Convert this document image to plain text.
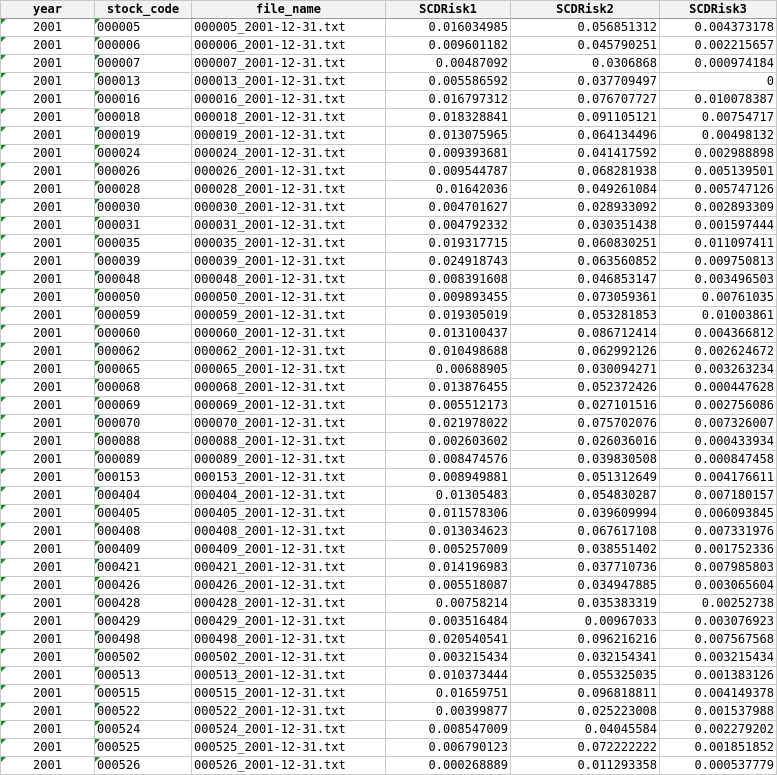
year	stock_code	file_name	SCDRisk1	SCDRisk2	SCDRisk3
2001	000005	000005_2001-12-31.txt	0.016034985	0.056851312	0.004373178
2001	000006	000006_2001-12-31.txt	0.009601182	0.045790251	0.002215657
2001	000007	000007_2001-12-31.txt	0.00487092	0.0306868	0.000974184
2001	000013	000013_2001-12-31.txt	0.005586592	0.037709497	0
2001	000016	000016_2001-12-31.txt	0.016797312	0.076707727	0.010078387
2001	000018	000018_2001-12-31.txt	0.018328841	0.091105121	0.00754717
2001	000019	000019_2001-12-31.txt	0.013075965	0.064134496	0.00498132
2001	000024	000024_2001-12-31.txt	0.009393681	0.041417592	0.002988898
2001	000026	000026_2001-12-31.txt	0.009544787	0.068281938	0.005139501
2001	000028	000028_2001-12-31.txt	0.01642036	0.049261084	0.005747126
2001	000030	000030_2001-12-31.txt	0.004701627	0.028933092	0.002893309
2001	000031	000031_2001-12-31.txt	0.004792332	0.030351438	0.001597444
2001	000035	000035_2001-12-31.txt	0.019317715	0.060830251	0.011097411
2001	000039	000039_2001-12-31.txt	0.024918743	0.063560852	0.009750813
2001	000048	000048_2001-12-31.txt	0.008391608	0.046853147	0.003496503
2001	000050	000050_2001-12-31.txt	0.009893455	0.073059361	0.00761035
2001	000059	000059_2001-12-31.txt	0.019305019	0.053281853	0.01003861
2001	000060	000060_2001-12-31.txt	0.013100437	0.086712414	0.004366812
2001	000062	000062_2001-12-31.txt	0.010498688	0.062992126	0.002624672
2001	000065	000065_2001-12-31.txt	0.00688905	0.030094271	0.003263234
2001	000068	000068_2001-12-31.txt	0.013876455	0.052372426	0.000447628
2001	000069	000069_2001-12-31.txt	0.005512173	0.027101516	0.002756086
2001	000070	000070_2001-12-31.txt	0.021978022	0.075702076	0.007326007
2001	000088	000088_2001-12-31.txt	0.002603602	0.026036016	0.000433934
2001	000089	000089_2001-12-31.txt	0.008474576	0.039830508	0.000847458
2001	000153	000153_2001-12-31.txt	0.008949881	0.051312649	0.004176611
2001	000404	000404_2001-12-31.txt	0.01305483	0.054830287	0.007180157
2001	000405	000405_2001-12-31.txt	0.011578306	0.039609994	0.006093845
2001	000408	000408_2001-12-31.txt	0.013034623	0.067617108	0.007331976
2001	000409	000409_2001-12-31.txt	0.005257009	0.038551402	0.001752336
2001	000421	000421_2001-12-31.txt	0.014196983	0.037710736	0.007985803
2001	000426	000426_2001-12-31.txt	0.005518087	0.034947885	0.003065604
2001	000428	000428_2001-12-31.txt	0.00758214	0.035383319	0.00252738
2001	000429	000429_2001-12-31.txt	0.003516484	0.00967033	0.003076923
2001	000498	000498_2001-12-31.txt	0.020540541	0.096216216	0.007567568
2001	000502	000502_2001-12-31.txt	0.003215434	0.032154341	0.003215434
2001	000513	000513_2001-12-31.txt	0.010373444	0.055325035	0.001383126
2001	000515	000515_2001-12-31.txt	0.01659751	0.096818811	0.004149378
2001	000522	000522_2001-12-31.txt	0.00399877	0.025223008	0.001537988
2001	000524	000524_2001-12-31.txt	0.008547009	0.04045584	0.002279202
2001	000525	000525_2001-12-31.txt	0.006790123	0.072222222	0.001851852
2001	000526	000526_2001-12-31.txt	0.000268889	0.011293358	0.000537779
